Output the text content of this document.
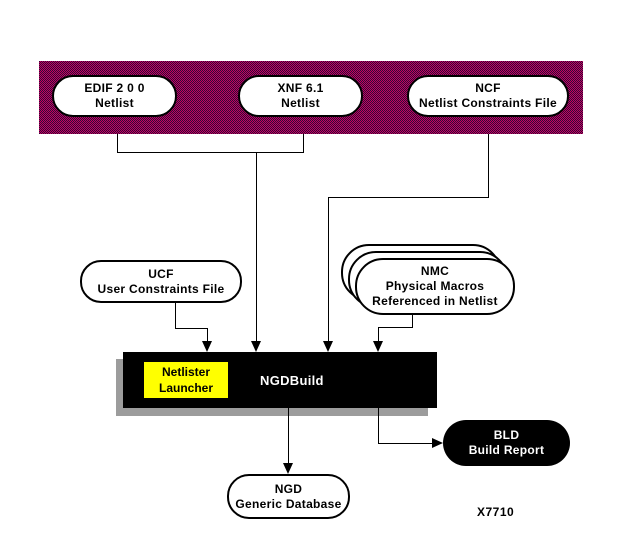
EDIF 2 0 0
Netlist
XNF 6.1
Netlist
NCF
Netlist Constraints File
UCF
User Constraints File
NMC
Physical Macros
Referenced in Netlist
Netlister
Launcher
NGDBuild
BLD
Build Report
NGD
Generic Database
X7710
